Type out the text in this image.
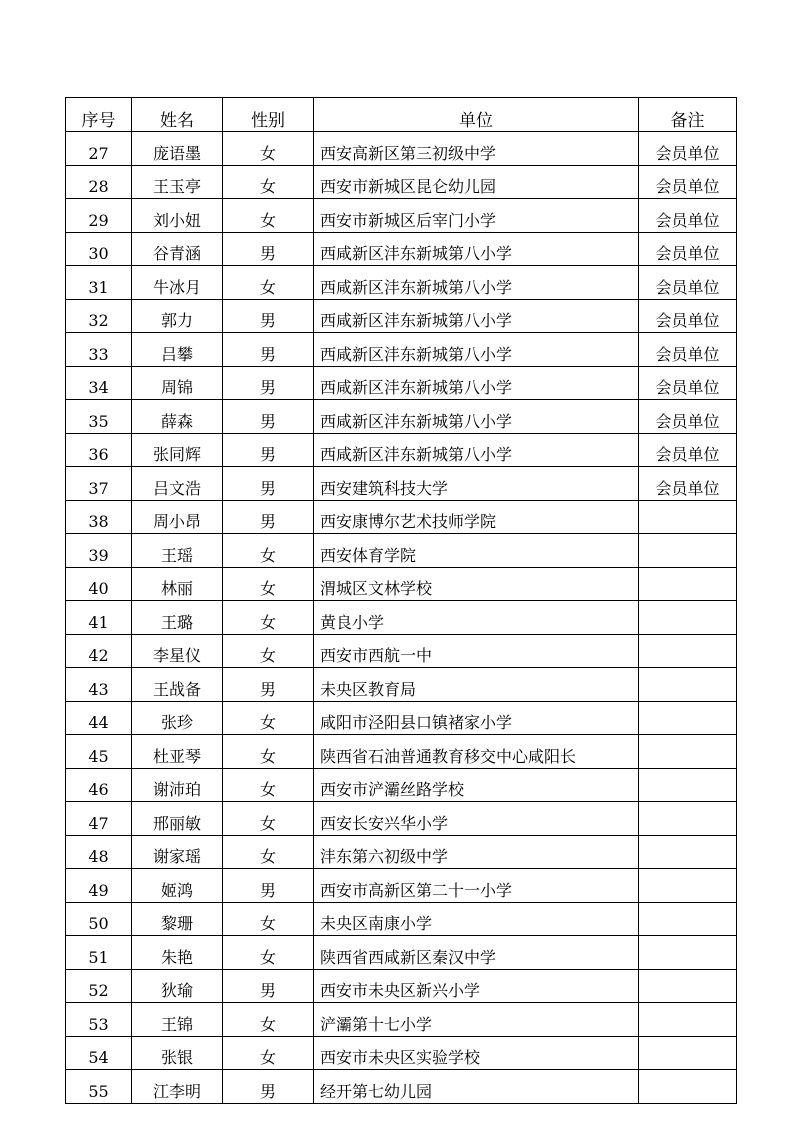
序号	姓名	性别	单位	备注
27	庞语墨	女	西安高新区第三初级中学	会员单位
28	王玉亭	女	西安市新城区昆仑幼儿园	会员单位
29	刘小妞	女	西安市新城区后宰门小学	会员单位
30	谷青涵	男	西咸新区沣东新城第八小学	会员单位
31	牛冰月	女	西咸新区沣东新城第八小学	会员单位
32	郭力	男	西咸新区沣东新城第八小学	会员单位
33	吕攀	男	西咸新区沣东新城第八小学	会员单位
34	周锦	男	西咸新区沣东新城第八小学	会员单位
35	薛森	男	西咸新区沣东新城第八小学	会员单位
36	张同辉	男	西咸新区沣东新城第八小学	会员单位
37	吕文浩	男	西安建筑科技大学	会员单位
38	周小昂	男	西安康博尔艺术技师学院	
39	王瑶	女	西安体育学院	
40	林丽	女	渭城区文林学校	
41	王璐	女	黄良小学	
42	李星仪	女	西安市西航一中	
43	王战备	男	未央区教育局	
44	张珍	女	咸阳市泾阳县口镇褚家小学	
45	杜亚琴	女	陕西省石油普通教育移交中心咸阳长	
46	谢沛珀	女	西安市浐灞丝路学校	
47	邢丽敏	女	西安长安兴华小学	
48	谢家瑶	女	沣东第六初级中学	
49	姬鸿	男	西安市高新区第二十一小学	
50	黎珊	女	未央区南康小学	
51	朱艳	女	陕西省西咸新区秦汉中学	
52	狄瑜	男	西安市未央区新兴小学	
53	王锦	女	浐灞第十七小学	
54	张银	女	西安市未央区实验学校	
55	江李明	男	经开第七幼儿园	
